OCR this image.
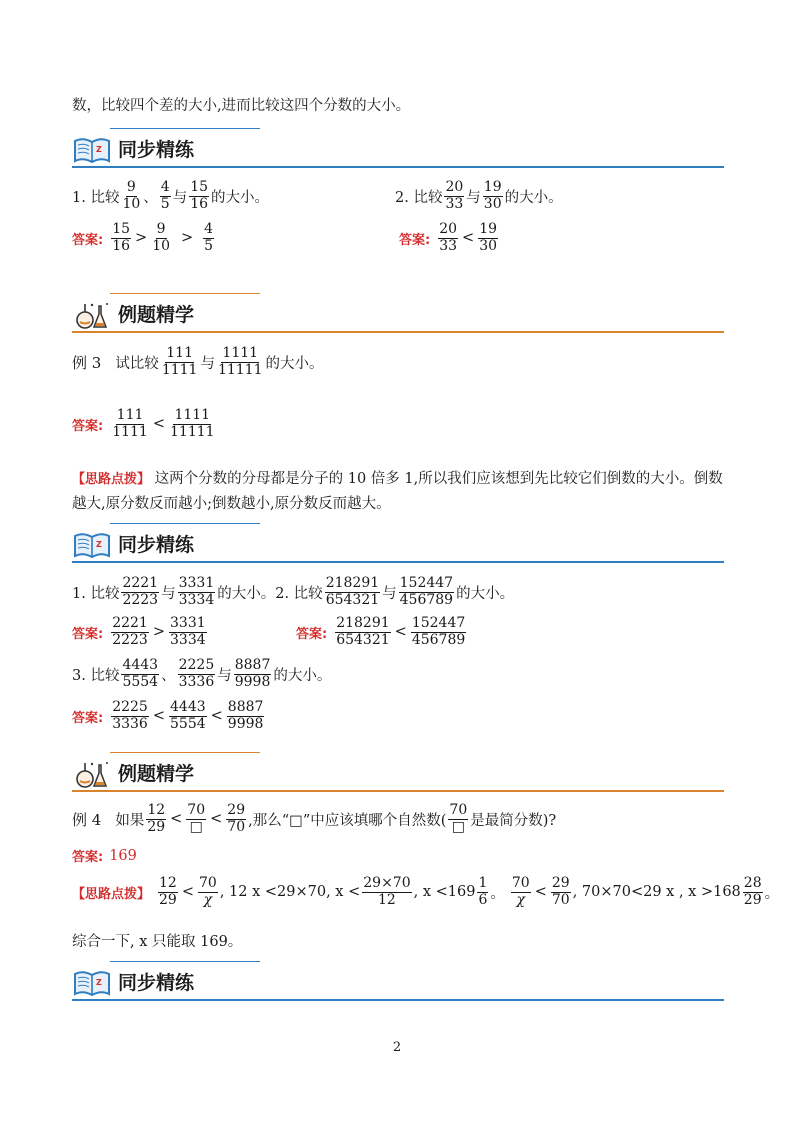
数，比较四个差的大小,进而比较这四个分数的大小。
Z 同步精练
1. 比较 $\frac{9}{10}$ 、 $\frac{4}{5}$ 与 $\frac{15}{16}$ 的大小。	2. 比较 $\frac{20}{33}$ 与 $\frac{19}{30}$ 的大小。
答案: $\frac{15}{16} > \frac{9}{10} > \frac{4}{5}$	答案: $\frac{20}{33} < \frac{19}{30}$
例题精学
例 3 试比较 $\frac{111}{1111}$ 与 $\frac{1111}{11111}$ 的大小。
答案: $\frac{111}{1111} < \frac{1111}{11111}$
【思路点拨】 这两个分数的分母都是分子的 10 倍多 1,所以我们应该想到先比较它们倒数的大小。倒数越大,原分数反而越小;倒数越小,原分数反而越大。
Z 同步精练
1. 比较 $\frac{2221}{2223}$ 与 $\frac{3331}{3334}$ 的大小。 2. 比较 $\frac{218291}{654321}$ 与 $\frac{152447}{456789}$ 的大小。
答案: $\frac{2221}{2223} > \frac{3331}{3334}$	答案: $\frac{218291}{654321} < \frac{152447}{456789}$
3. 比较 $\frac{4443}{5554}$ 、 $\frac{2225}{3336}$ 与 $\frac{8887}{9998}$ 的大小。
答案: $\frac{2225}{3336} < \frac{4443}{5554} < \frac{8887}{9998}$
例题精学
例 4 如果 $\frac{12}{29} < \frac{70}{□} < \frac{29}{70}$ ,那么“□”中应该填哪个自然数( $\frac{70}{□}$ 是最简分数)?
答案: 169
【思路点拨】 $\frac{12}{29} < \frac{70}{\chi}$ , 12 x <29×70, $x < \frac{29\times 70}{12}$ , $x <169 \frac{1}{6}$ 。 $\frac{70}{\chi} < \frac{29}{70}$ , 70×70<29 x , $x >168 \frac{28}{29}$ 。
综合一下, x 只能取 169。
Z 同步精练
2
